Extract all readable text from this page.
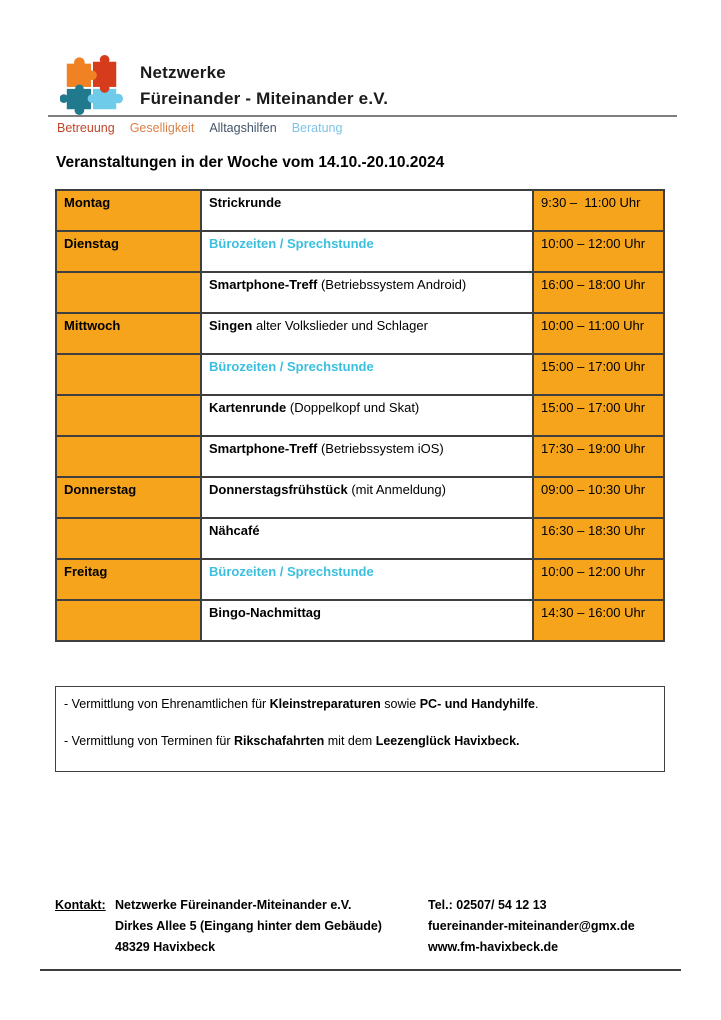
Netzwerke
Füreinander - Miteinander e.V.
Betreuung Geselligkeit Alltagshilfen Beratung
Veranstaltungen in der Woche vom 14.10.-20.10.2024
Montag	Strickrunde	9:30 –  11:00 Uhr
Dienstag	Bürozeiten / Sprechstunde	10:00 – 12:00 Uhr
	Smartphone-Treff (Betriebssystem Android)	16:00 – 18:00 Uhr
Mittwoch	Singen alter Volkslieder und Schlager	10:00 – 11:00 Uhr
	Bürozeiten / Sprechstunde	15:00 – 17:00 Uhr
	Kartenrunde (Doppelkopf und Skat)	15:00 – 17:00 Uhr
	Smartphone-Treff (Betriebssystem iOS)	17:30 – 19:00 Uhr
Donnerstag	Donnerstagsfrühstück (mit Anmeldung)	09:00 – 10:30 Uhr
	Nähcafé	16:30 – 18:30 Uhr
Freitag	Bürozeiten / Sprechstunde	10:00 – 12:00 Uhr
	Bingo-Nachmittag	14:30 – 16:00 Uhr

- Vermittlung von Ehrenamtlichen für Kleinstreparaturen sowie PC- und Handyhilfe.

- Vermittlung von Terminen für Rikschafahrten mit dem Leezenglück Havixbeck.

Kontakt: Netzwerke Füreinander-Miteinander e.V.
Dirkes Allee 5 (Eingang hinter dem Gebäude)
48329 Havixbeck
Tel.: 02507/ 54 12 13
fuereinander-miteinander@gmx.de
www.fm-havixbeck.de
